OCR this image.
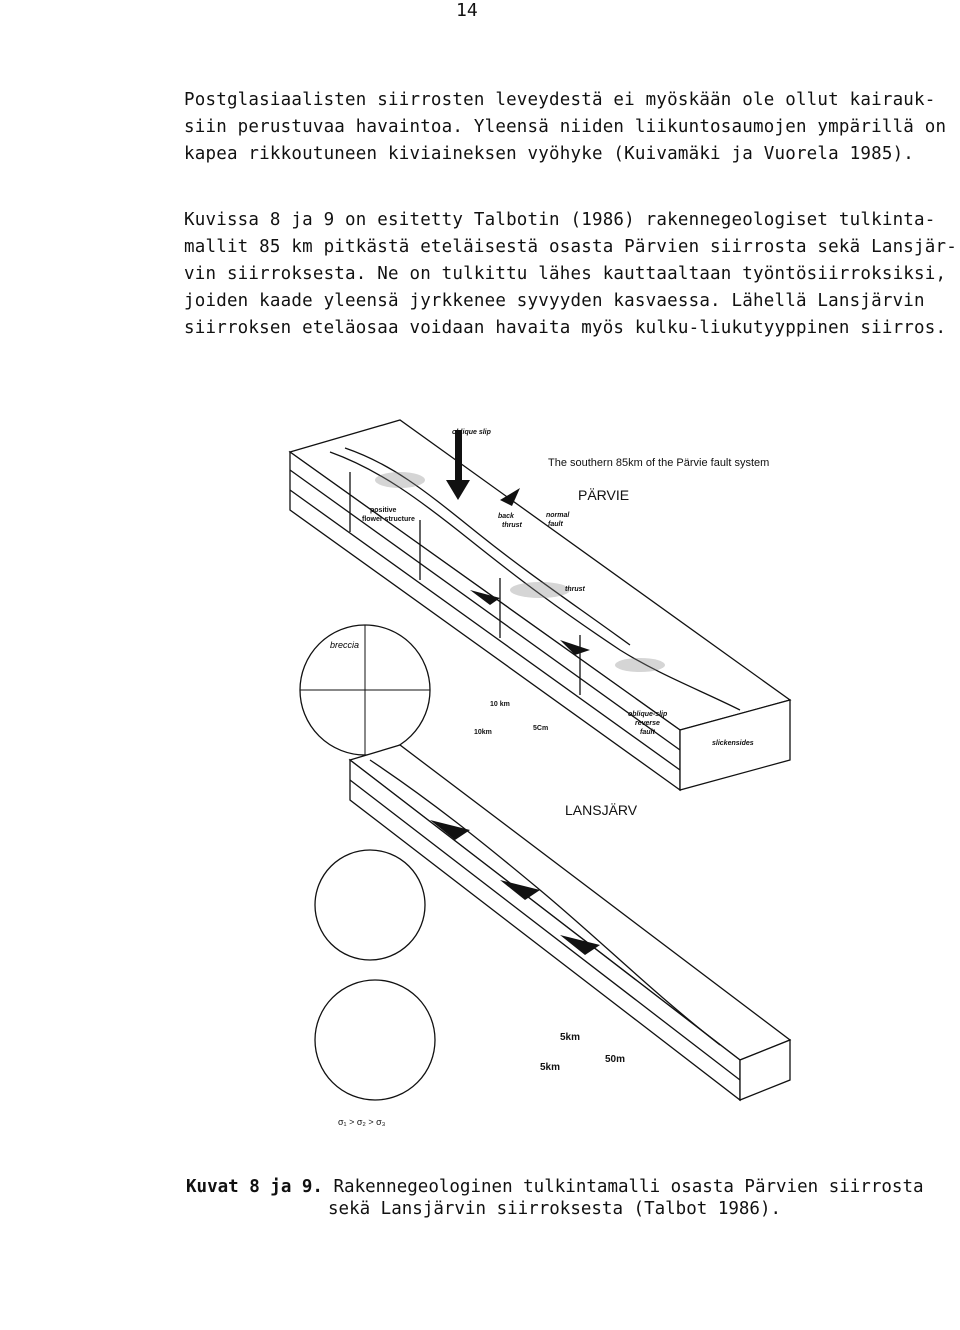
14
Postglasiaalisten siirrosten leveydestä ei myöskään ole ollut kairauk-
siin perustuvaa havaintoa. Yleensä niiden liikuntosaumojen ympärillä on
kapea rikkoutuneen kiviaineksen vyöhyke (Kuivamäki ja Vuorela 1985).
Kuvissa 8 ja 9 on esitetty Talbotin (1986) rakennegeologiset tulkinta-
mallit 85 km pitkästä eteläisestä osasta Pärvien siirrosta sekä Lansjär-
vin siirroksesta. Ne on tulkittu lähes kauttaaltaan työntösiirroksiksi,
joiden kaade yleensä jyrkkenee syvyyden kasvaessa. Lähellä Lansjärvin
siirroksen eteläosaa voidaan havaita myös kulku-liukutyyppinen siirros.
breccia
The southern 85km of the Pärvie fault system
PÄRVIE
LANSJÄRV
oblique slip
positive
flower structure	back
thrust
normal
fault
thrust
10 km
10km
5Cm
oblique-slip
reverse
fault
slickensides
5km
5km
50m
σ₁ > σ₂ > σ₃
Kuvat 8 ja 9. Rakennegeologinen tulkintamalli osasta Pärvien siirrosta
sekä Lansjärvin siirroksesta (Talbot 1986).
